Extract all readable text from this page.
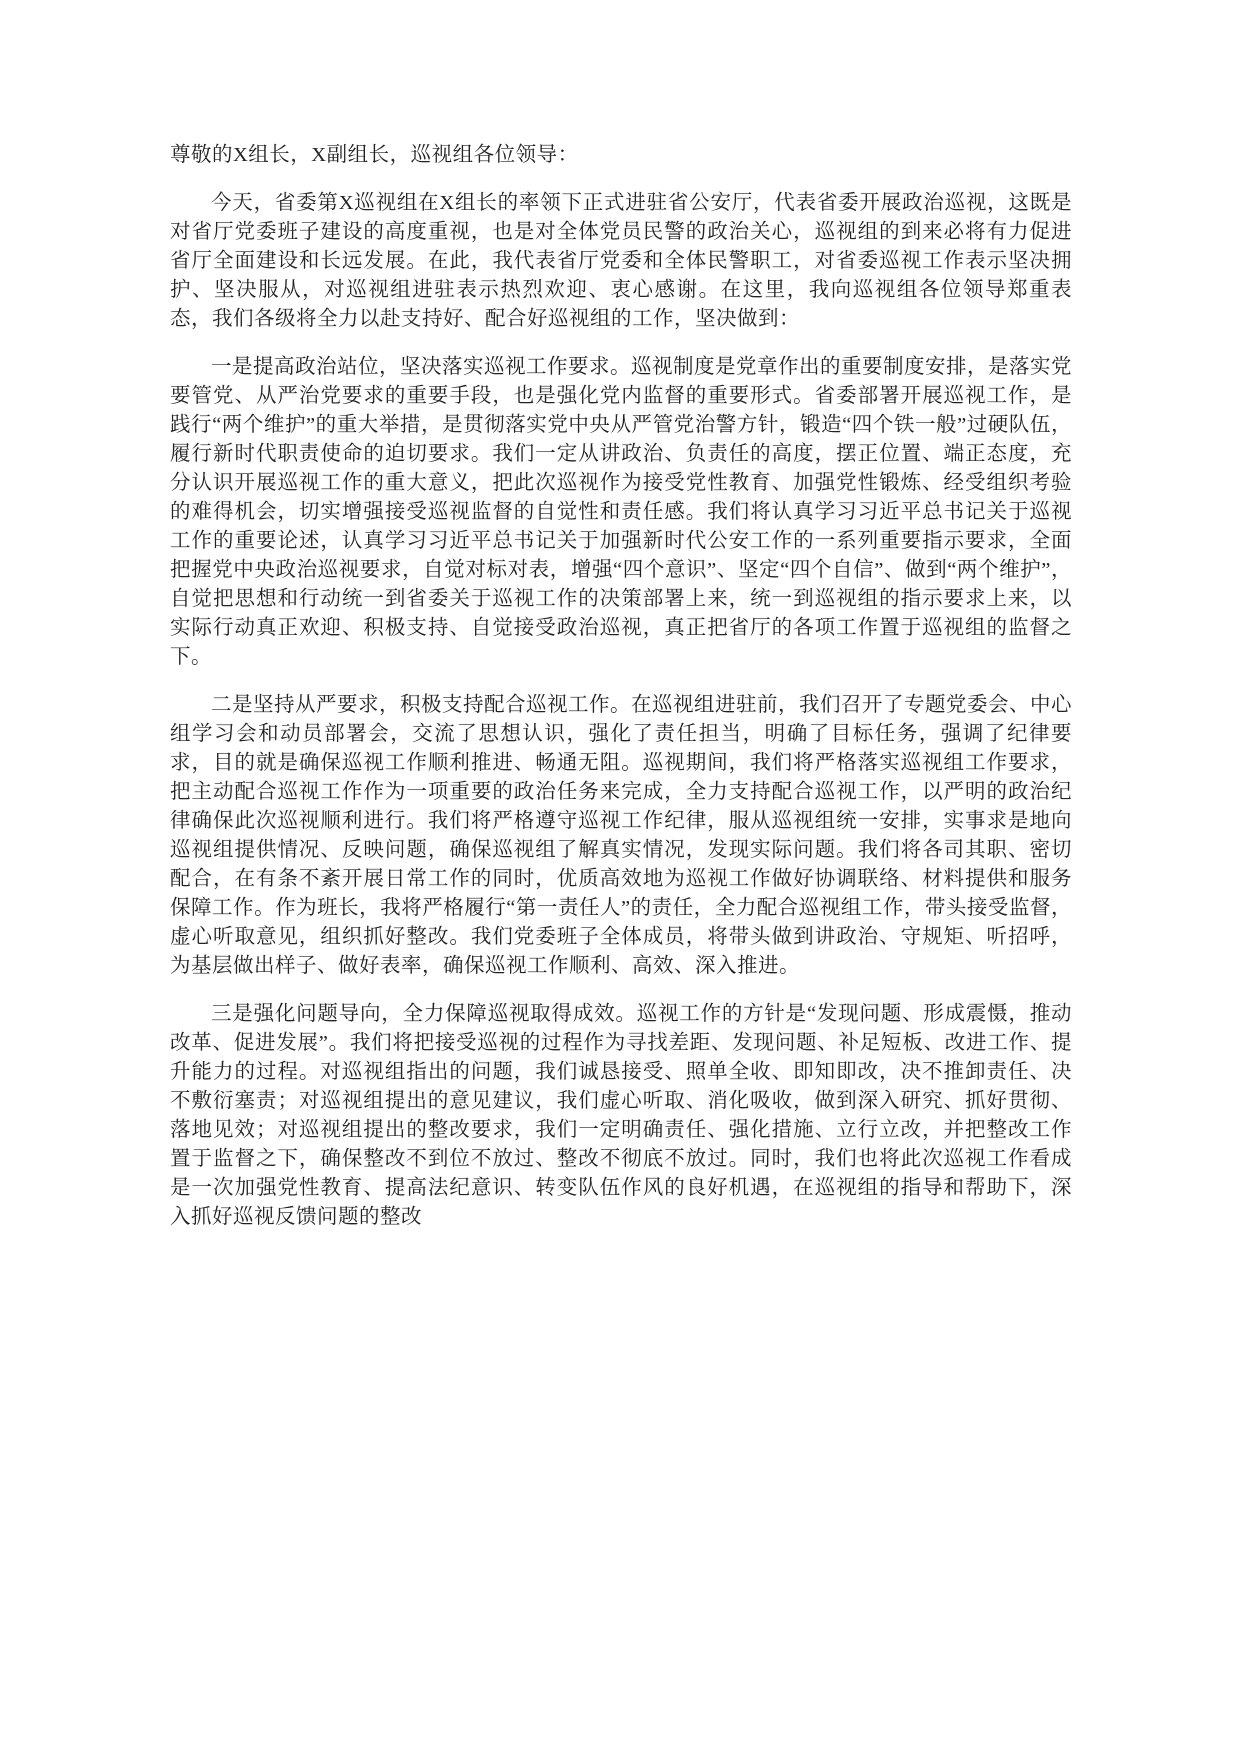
尊敬的X组长，X副组长，巡视组各位领导：

今天，省委第X巡视组在X组长的率领下正式进驻省公安厅，代表省委开展政治巡视，这既是对省厅党委班子建设的高度重视，也是对全体党员民警的政治关心，巡视组的到来必将有力促进省厅全面建设和长远发展。在此，我代表省厅党委和全体民警职工，对省委巡视工作表示坚决拥护、坚决服从，对巡视组进驻表示热烈欢迎、衷心感谢。在这里，我向巡视组各位领导郑重表态，我们各级将全力以赴支持好、配合好巡视组的工作，坚决做到：

一是提高政治站位，坚决落实巡视工作要求。巡视制度是党章作出的重要制度安排，是落实党要管党、从严治党要求的重要手段，也是强化党内监督的重要形式。省委部署开展巡视工作，是践行“两个维护”的重大举措，是贯彻落实党中央从严管党治警方针，锻造“四个铁一般”过硬队伍，履行新时代职责使命的迫切要求。我们一定从讲政治、负责任的高度，摆正位置、端正态度，充分认识开展巡视工作的重大意义，把此次巡视作为接受党性教育、加强党性锻炼、经受组织考验的难得机会，切实增强接受巡视监督的自觉性和责任感。我们将认真学习习近平总书记关于巡视工作的重要论述，认真学习习近平总书记关于加强新时代公安工作的一系列重要指示要求，全面把握党中央政治巡视要求，自觉对标对表，增强“四个意识”、坚定“四个自信”、做到“两个维护”，自觉把思想和行动统一到省委关于巡视工作的决策部署上来，统一到巡视组的指示要求上来，以实际行动真正欢迎、积极支持、自觉接受政治巡视，真正把省厅的各项工作置于巡视组的监督之下。

二是坚持从严要求，积极支持配合巡视工作。在巡视组进驻前，我们召开了专题党委会、中心组学习会和动员部署会，交流了思想认识，强化了责任担当，明确了目标任务，强调了纪律要求，目的就是确保巡视工作顺利推进、畅通无阻。巡视期间，我们将严格落实巡视组工作要求，把主动配合巡视工作作为一项重要的政治任务来完成，全力支持配合巡视工作，以严明的政治纪律确保此次巡视顺利进行。我们将严格遵守巡视工作纪律，服从巡视组统一安排，实事求是地向巡视组提供情况、反映问题，确保巡视组了解真实情况，发现实际问题。我们将各司其职、密切配合，在有条不紊开展日常工作的同时，优质高效地为巡视工作做好协调联络、材料提供和服务保障工作。作为班长，我将严格履行“第一责任人”的责任，全力配合巡视组工作，带头接受监督，虚心听取意见，组织抓好整改。我们党委班子全体成员，将带头做到讲政治、守规矩、听招呼，为基层做出样子、做好表率，确保巡视工作顺利、高效、深入推进。

三是强化问题导向，全力保障巡视取得成效。巡视工作的方针是“发现问题、形成震慑，推动改革、促进发展”。我们将把接受巡视的过程作为寻找差距、发现问题、补足短板、改进工作、提升能力的过程。对巡视组指出的问题，我们诚恳接受、照单全收、即知即改，决不推卸责任、决不敷衍塞责；对巡视组提出的意见建议，我们虚心听取、消化吸收，做到深入研究、抓好贯彻、落地见效；对巡视组提出的整改要求，我们一定明确责任、强化措施、立行立改，并把整改工作置于监督之下，确保整改不到位不放过、整改不彻底不放过。同时，我们也将此次巡视工作看成是一次加强党性教育、提高法纪意识、转变队伍作风的良好机遇，在巡视组的指导和帮助下，深入抓好巡视反馈问题的整改
